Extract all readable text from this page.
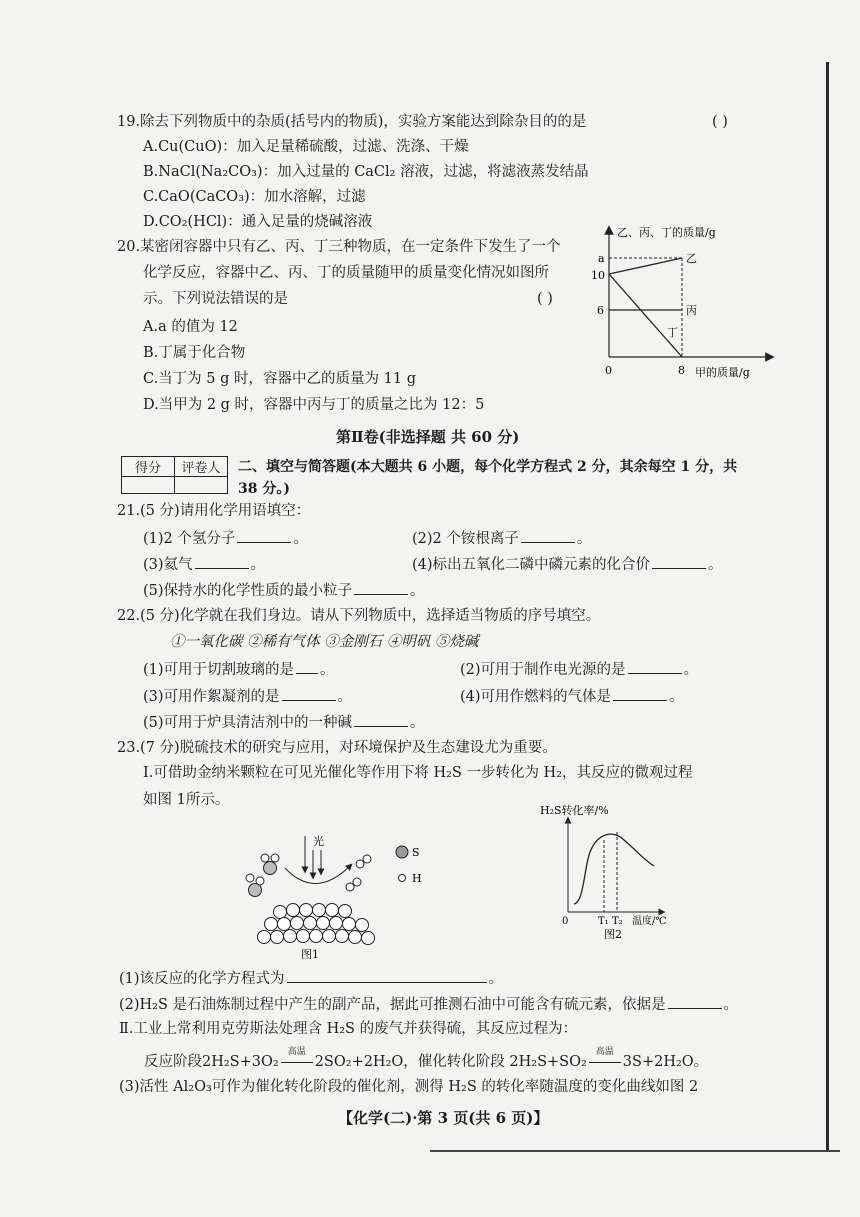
19.除去下列物质中的杂质(括号内的物质)，实验方案能达到除杂目的的是	( )
A.Cu(CuO)：加入足量稀硫酸，过滤、洗涤、干燥
B.NaCl(Na₂CO₃)：加入过量的 CaCl₂ 溶液，过滤，将滤液蒸发结晶
C.CaO(CaCO₃)：加水溶解，过滤
D.CO₂(HCl)：通入足量的烧碱溶液
20.某密闭容器中只有乙、丙、丁三种物质，在一定条件下发生了一个
化学反应，容器中乙、丙、丁的质量随甲的质量变化情况如图所
示。下列说法错误的是	( )
A.a 的值为 12
B.丁属于化合物
C.当丁为 5 g 时，容器中乙的质量为 11 g
D.当甲为 2 g 时，容器中丙与丁的质量之比为 12：5
乙、丙、丁的质量/g
甲的质量/g
a
10
6
0	8
乙
丙
丁
第Ⅱ卷(非选择题 共 60 分)
得分	评卷人
	二、填空与简答题(本大题共 6 小题，每个化学方程式 2 分，其余每空 1 分，共
38 分。)
21.(5 分)请用化学用语填空：
(1)2 个氢分子	。	(2)2 个铵根离子	。
(3)氦气	。	(4)标出五氧化二磷中磷元素的化合价	。
(5)保持水的化学性质的最小粒子	。
22.(5 分)化学就在我们身边。请从下列物质中，选择适当物质的序号填空。
①一氧化碳 ②稀有气体 ③金刚石 ④明矾 ⑤烧碱
(1)可用于切割玻璃的是 。	(2)可用于制作电光源的是	。
(3)可用作絮凝剂的是	。	(4)可用作燃料的气体是	。
(5)可用于炉具清洁剂中的一种碱	。
23.(7 分)脱硫技术的研究与应用，对环境保护及生态建设尤为重要。
Ⅰ.可借助金纳米颗粒在可见光催化等作用下将 H₂S 一步转化为 H₂，其反应的微观过程
如图 1所示。
光
S
H
图1
H₂S转化率/%
0	T₁ T₂ 温度/℃
图2
(1)该反应的化学方程式为	。
(2)H₂S 是石油炼制过程中产生的副产品，据此可推测石油中可能含有硫元素，依据是	。
Ⅱ.工业上常利用克劳斯法处理含 H₂S 的废气并获得硫，其反应过程为：
反应阶段2H₂S+3O₂
高温
2SO₂+2H₂O，催化转化阶段 2H₂S+SO₂
高温
3S+2H₂O。
(3)活性 Al₂O₃可作为催化转化阶段的催化剂，测得 H₂S 的转化率随温度的变化曲线如图 2
【化学(二)·第 3 页(共 6 页)】
